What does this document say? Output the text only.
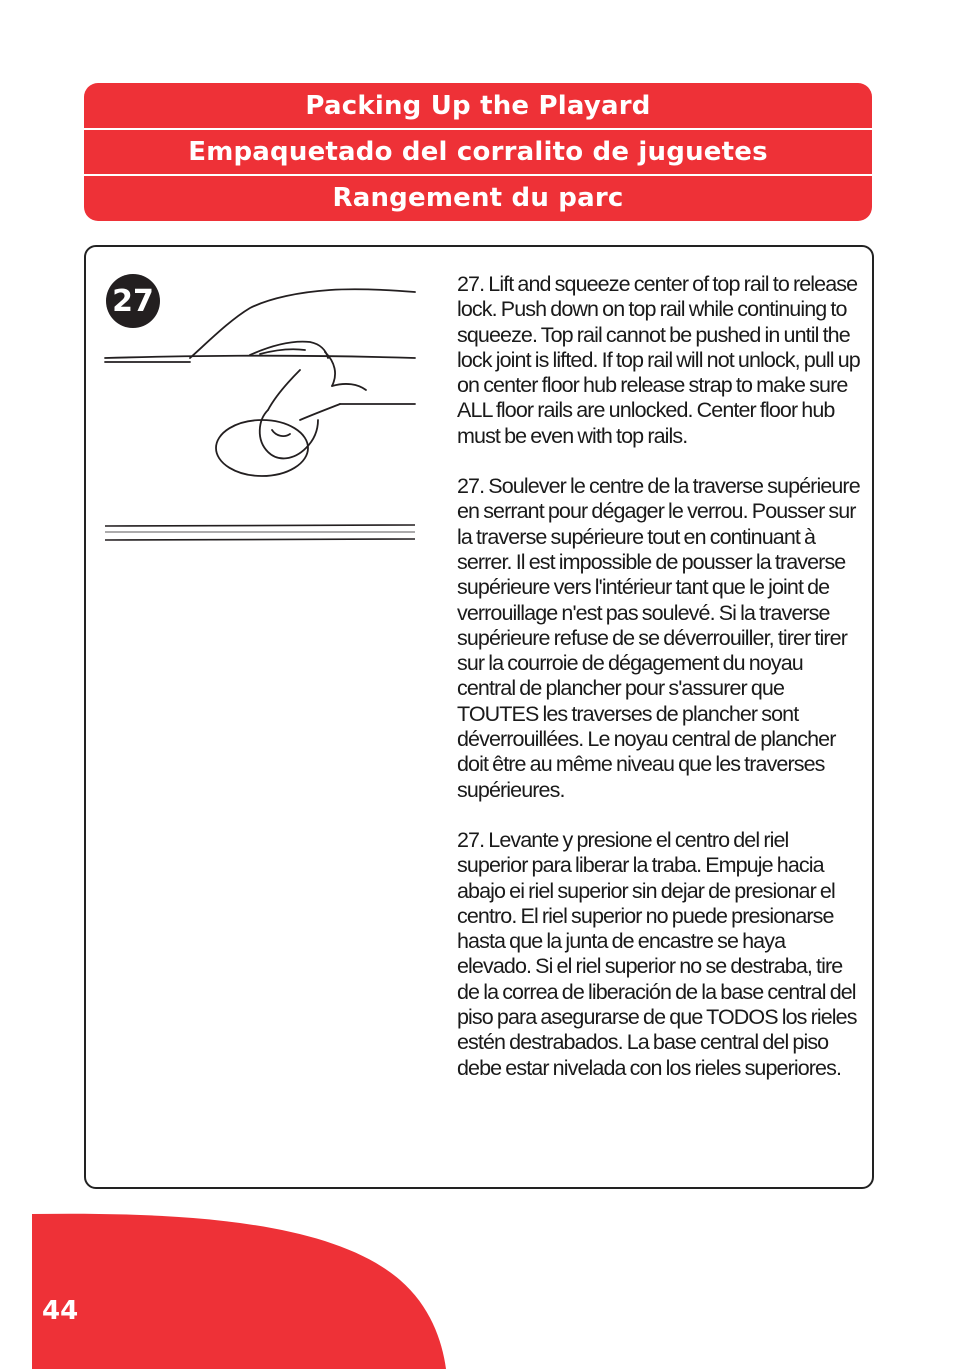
Packing Up the Playard
Empaquetado del corralito de juguetes
Rangement du parc
27	27. Lift and squeeze center of top rail to release lock. Push down on top rail while continuing to squeeze. Top rail cannot be pushed in until the lock joint is lifted. If top rail will not unlock, pull up on center floor hub release strap to make sure ALL floor rails are unlocked. Center floor hub must be even with top rails.

27. Soulever le centre de la traverse supérieure en serrant pour dégager le verrou. Pousser sur la traverse supérieure tout en continuant à serrer. Il est impossible de pousser la traverse supérieure vers l'intérieur tant que le joint de verrouillage n'est pas soulevé. Si la traverse supérieure refuse de se déverrouiller, tirer tirer sur la courroie de dégagement du noyau central de plancher pour s'assurer que TOUTES les traverses de plancher sont déverrouillées. Le noyau central de plancher doit être au même niveau que les traverses supérieures.

27. Levante y presione el centro del riel superior para liberar la traba. Empuje hacia abajo ei riel superior sin dejar de presionar el centro. El riel superior no puede presionarse hasta que la junta de encastre se haya elevado. Si el riel superior no se destraba, tire de la correa de liberación de la base central del piso para asegurarse de que TODOS los rieles estén destrabados. La base central del piso debe estar nivelada con los rieles superiores.

44
